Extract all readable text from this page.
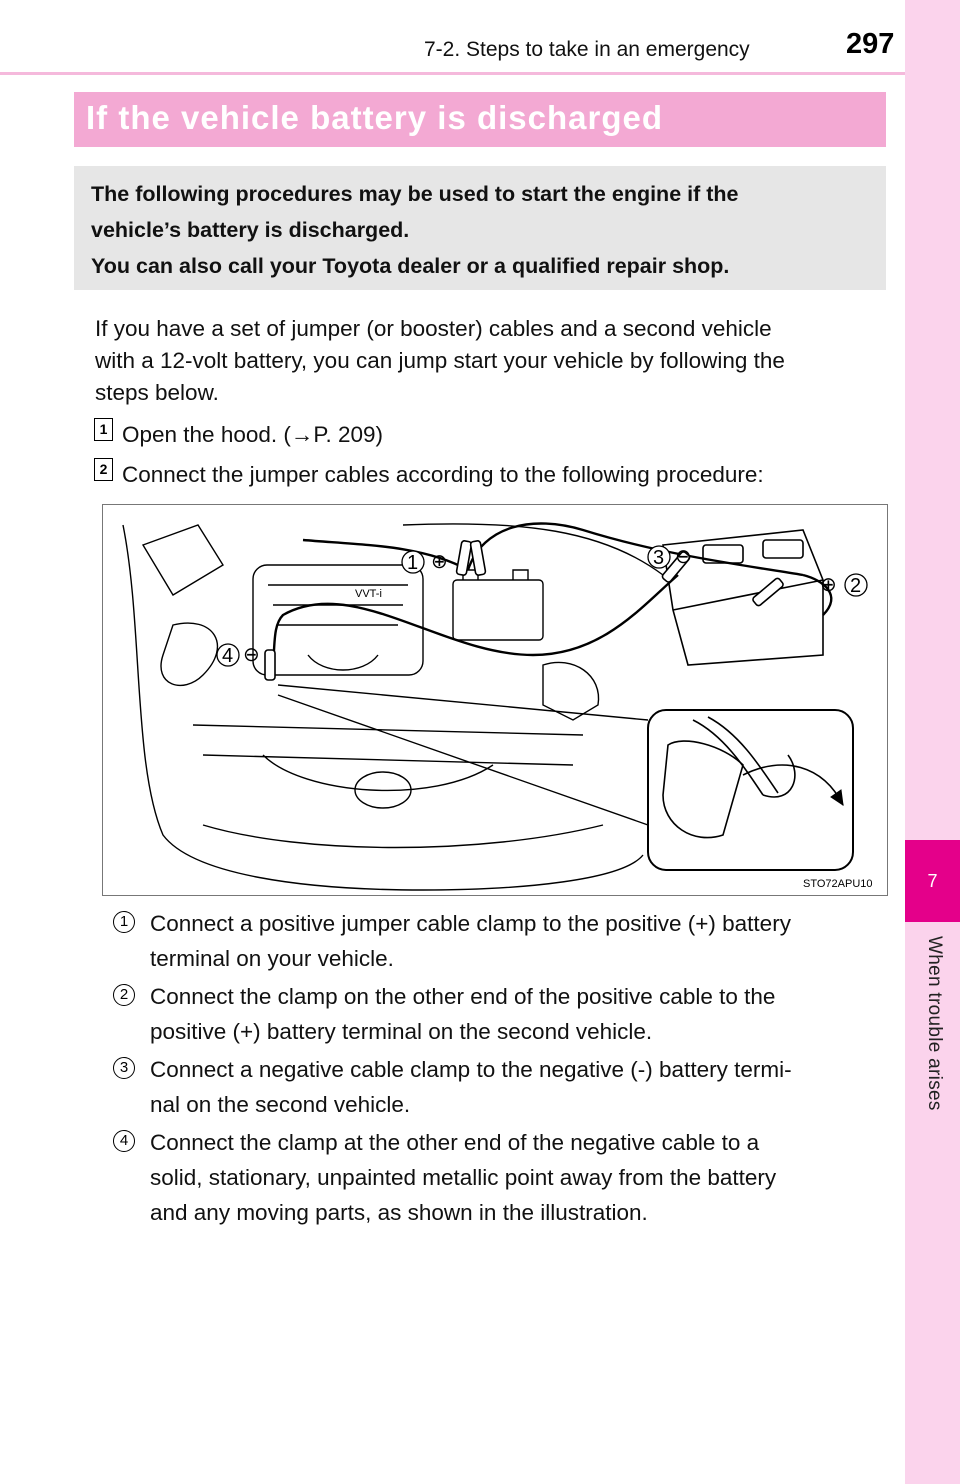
7
When trouble arises
7-2. Steps to take in an emergency	297
If the vehicle battery is discharged

The following procedures may be used to start the engine if the

vehicle’s battery is discharged.

You can also call your Toyota dealer or a qualified repair shop.

If you have a set of jumper (or booster) cables and a second vehicle
with a 12-volt battery, you can jump start your vehicle by following the
steps below.
1 Open the hood. (→P. 209)
2 Connect the jumper cables according to the following procedure:
1 ⊕	3 ⊖
2
⊕
4 ⊖
VVT-i
STO72APU10
1 Connect a positive jumper cable clamp to the positive (+) battery
terminal on your vehicle.
2 Connect the clamp on the other end of the positive cable to the
positive (+) battery terminal on the second vehicle.
3 Connect a negative cable clamp to the negative (-) battery termi-
nal on the second vehicle.
4 Connect the clamp at the other end of the negative cable to a
solid, stationary, unpainted metallic point away from the battery
and any moving parts, as shown in the illustration.
